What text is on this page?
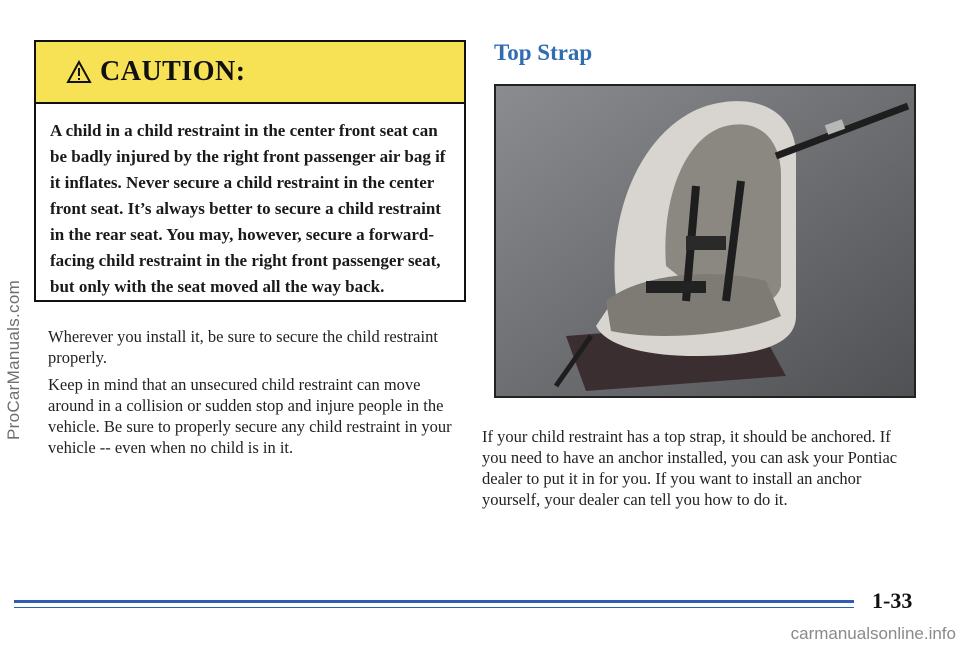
ProCarManuals.com
CAUTION:
A child in a child restraint in the center front seat can be badly injured by the right front passenger air bag if it inflates. Never secure a child restraint in the center front seat. It’s always better to secure a child restraint in the rear seat. You may, however, secure a forward-facing child restraint in the right front passenger seat, but only with the seat moved all the way back.
Wherever you install it, be sure to secure the child restraint properly.
Keep in mind that an unsecured child restraint can move around in a collision or sudden stop and injure people in the vehicle. Be sure to properly secure any child restraint in your vehicle -- even when no child is in it.
Top Strap
If your child restraint has a top strap, it should be anchored. If you need to have an anchor installed, you can ask your Pontiac dealer to put it in for you. If you want to install an anchor yourself, your dealer can tell you how to do it.
1-33
carmanualsonline.info
